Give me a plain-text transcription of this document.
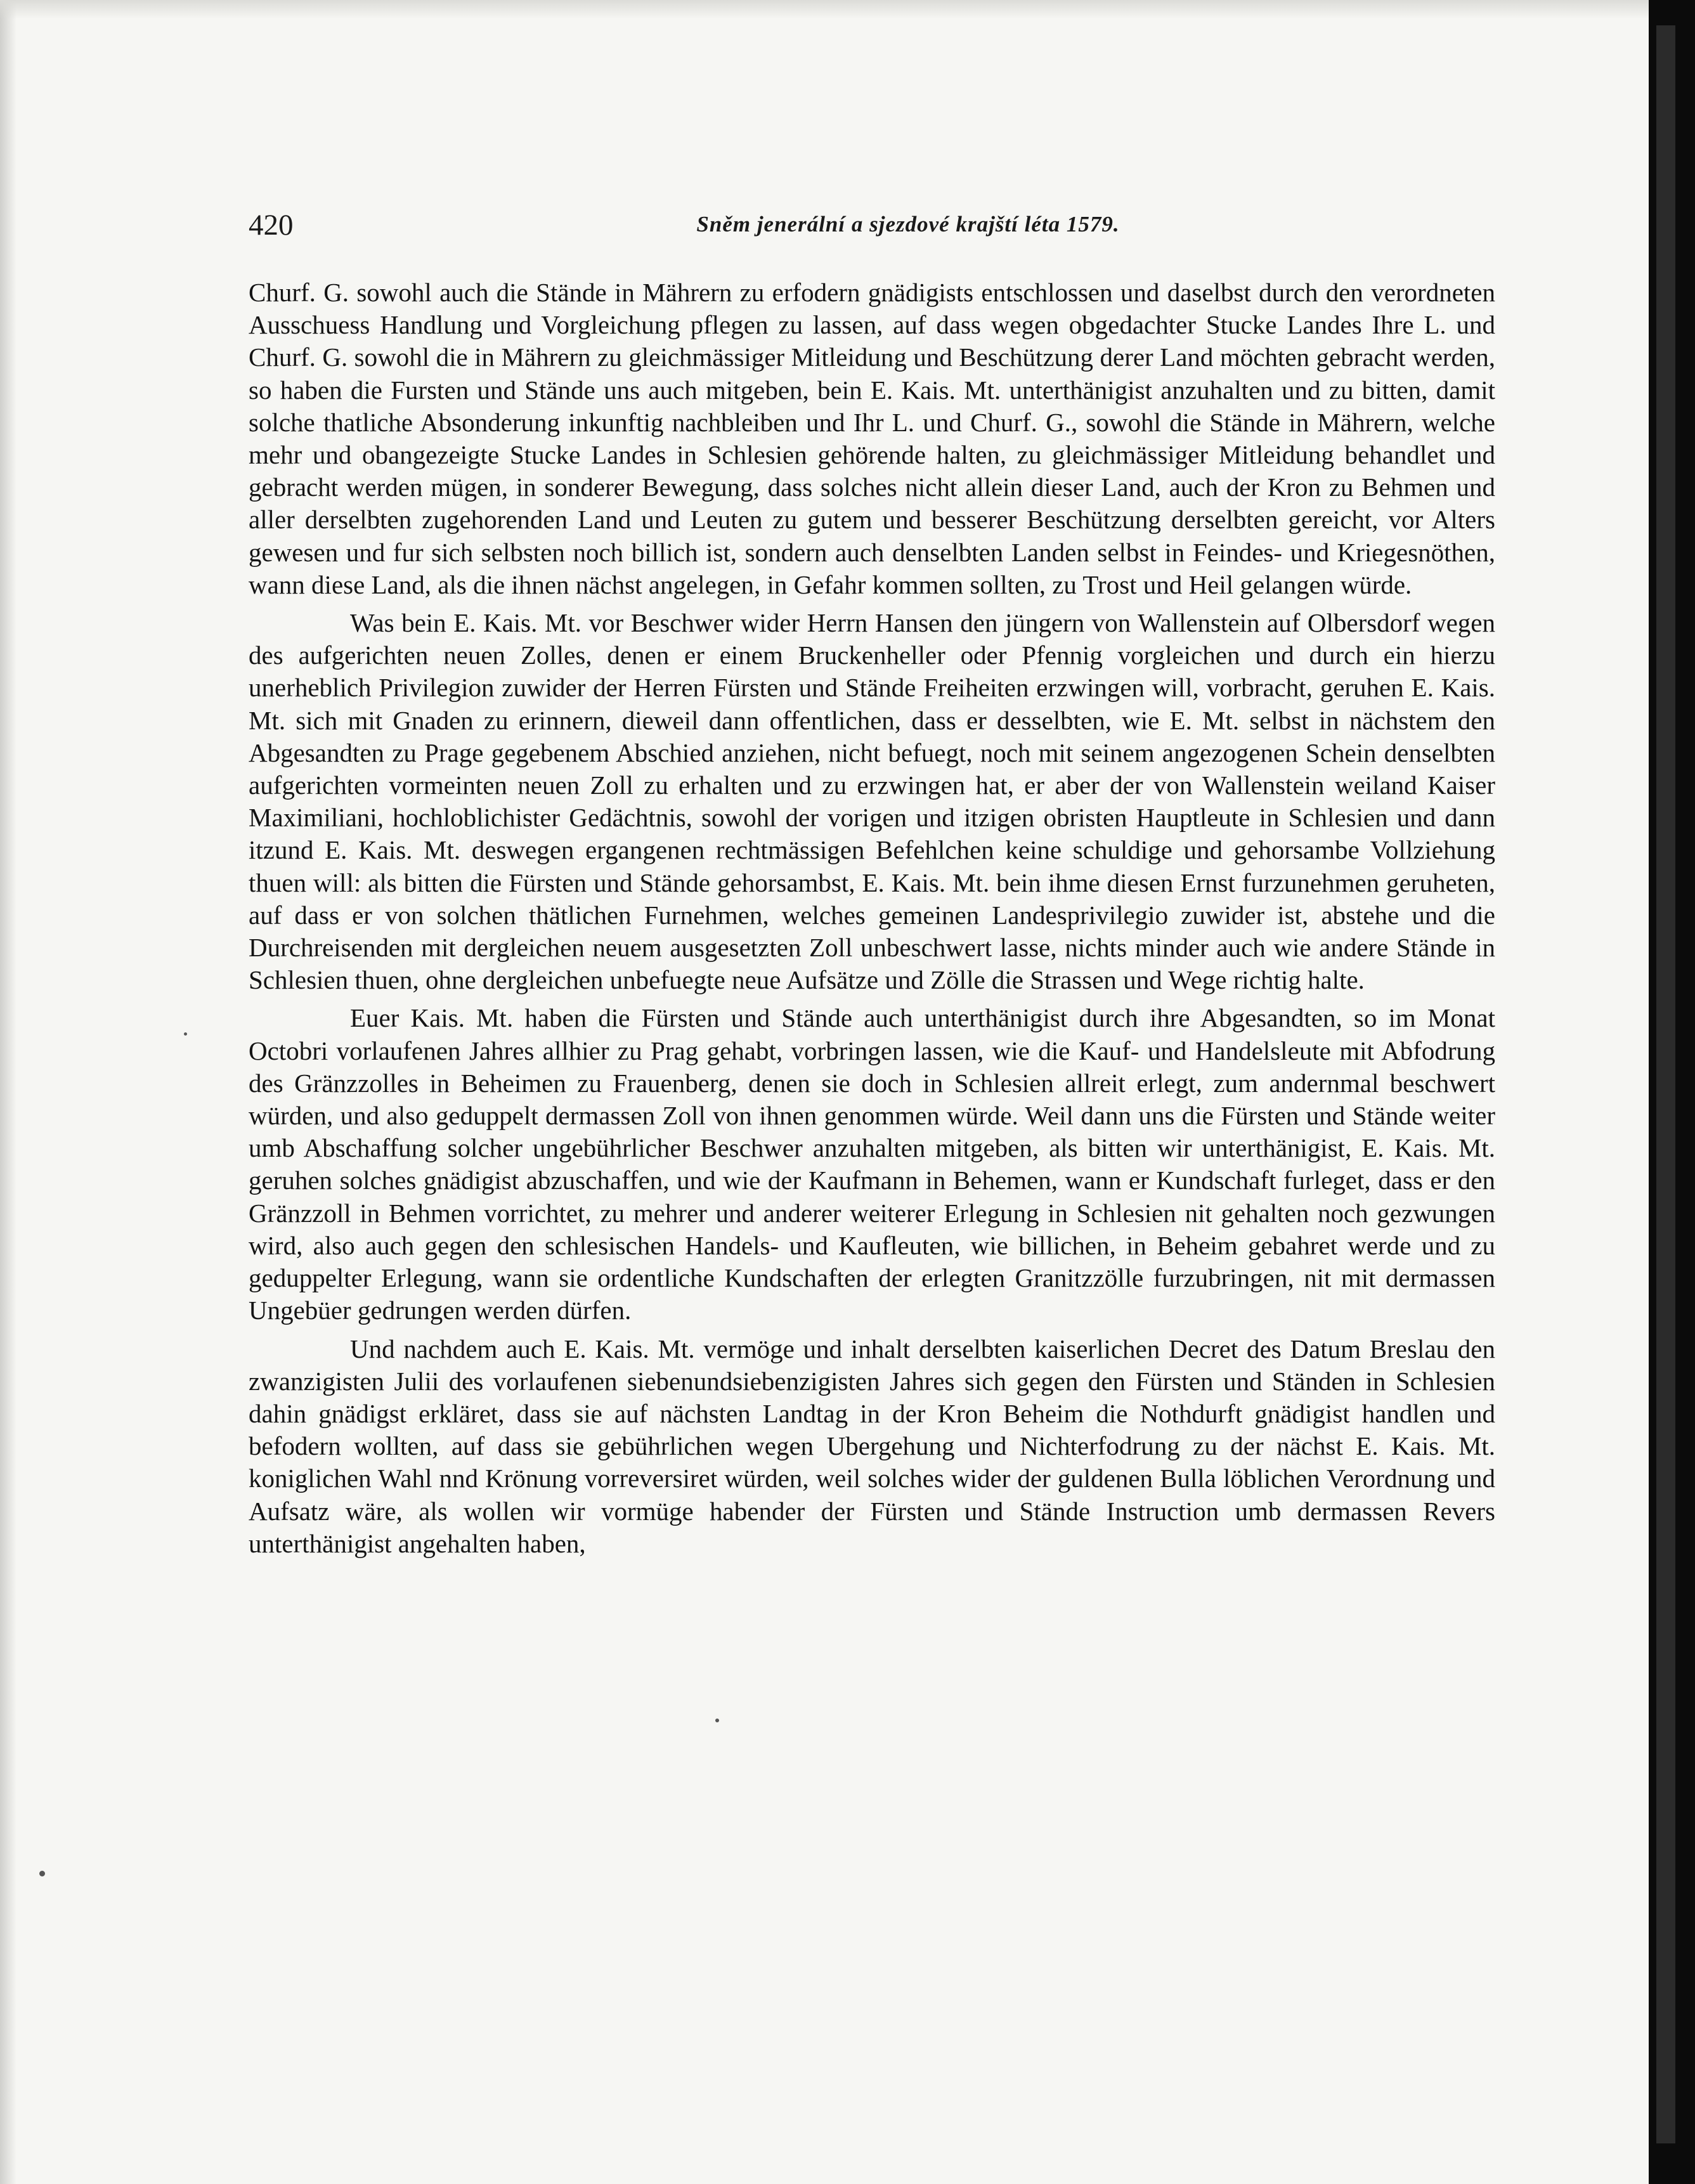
420	Sněm jenerální a sjezdové krajští léta 1579.

Churf. G. sowohl auch die Stände in Mährern zu erfodern gnädigists entschlossen und daselbst durch den verordneten Ausschuess Handlung und Vorgleichung pflegen zu lassen, auf dass wegen obgedachter Stucke Landes Ihre L. und Churf. G. sowohl die in Mährern zu gleichmässiger Mitleidung und Beschützung derer Land möchten gebracht werden, so haben die Fursten und Stände uns auch mitgeben, bein E. Kais. Mt. unterthänigist anzuhalten und zu bitten, damit solche thatliche Absonderung inkunftig nachbleiben und Ihr L. und Churf. G., sowohl die Stände in Mährern, welche mehr und obangezeigte Stucke Landes in Schlesien gehörende halten, zu gleichmässiger Mitleidung behandlet und gebracht werden mügen, in sonderer Bewegung, dass solches nicht allein dieser Land, auch der Kron zu Behmen und aller derselbten zugehorenden Land und Leuten zu gutem und besserer Beschützung derselbten gereicht, vor Alters gewesen und fur sich selbsten noch billich ist, sondern auch denselbten Landen selbst in Feindes- und Kriegesnöthen, wann diese Land, als die ihnen nächst angelegen, in Gefahr kommen sollten, zu Trost und Heil gelangen würde.

Was bein E. Kais. Mt. vor Beschwer wider Herrn Hansen den jüngern von Wallenstein auf Olbersdorf wegen des aufgerichten neuen Zolles, denen er einem Bruckenheller oder Pfennig vorgleichen und durch ein hierzu unerheblich Privilegion zuwider der Herren Fürsten und Stände Freiheiten erzwingen will, vorbracht, geruhen E. Kais. Mt. sich mit Gnaden zu erinnern, dieweil dann offentlichen, dass er desselbten, wie E. Mt. selbst in nächstem den Abgesandten zu Prage gegebenem Abschied anziehen, nicht befuegt, noch mit seinem angezogenen Schein denselbten aufgerichten vormeinten neuen Zoll zu erhalten und zu erzwingen hat, er aber der von Wallenstein weiland Kaiser Maximiliani, hochloblichister Gedächtnis, sowohl der vorigen und itzigen obristen Hauptleute in Schlesien und dann itzund E. Kais. Mt. deswegen ergangenen rechtmässigen Befehlchen keine schuldige und gehorsambe Vollziehung thuen will: als bitten die Fürsten und Stände gehorsambst, E. Kais. Mt. bein ihme diesen Ernst furzunehmen geruheten, auf dass er von solchen thätlichen Furnehmen, welches gemeinen Landesprivilegio zuwider ist, abstehe und die Durchreisenden mit dergleichen neuem ausgesetzten Zoll unbeschwert lasse, nichts minder auch wie andere Stände in Schlesien thuen, ohne dergleichen unbefuegte neue Aufsätze und Zölle die Strassen und Wege richtig halte.

Euer Kais. Mt. haben die Fürsten und Stände auch unterthänigist durch ihre Abgesandten, so im Monat Octobri vorlaufenen Jahres allhier zu Prag gehabt, vorbringen lassen, wie die Kauf- und Handelsleute mit Abfodrung des Gränzzolles in Beheimen zu Frauenberg, denen sie doch in Schlesien allreit erlegt, zum andernmal beschwert würden, und also geduppelt dermassen Zoll von ihnen genommen würde. Weil dann uns die Fürsten und Stände weiter umb Abschaffung solcher ungebührlicher Beschwer anzuhalten mitgeben, als bitten wir unterthänigist, E. Kais. Mt. geruhen solches gnädigist abzuschaffen, und wie der Kaufmann in Behemen, wann er Kundschaft furleget, dass er den Gränzzoll in Behmen vorrichtet, zu mehrer und anderer weiterer Erlegung in Schlesien nit gehalten noch gezwungen wird, also auch gegen den schlesischen Handels- und Kaufleuten, wie billichen, in Beheim gebahret werde und zu geduppelter Erlegung, wann sie ordentliche Kundschaften der erlegten Granitzzölle furzubringen, nit mit dermassen Ungebüer gedrungen werden dürfen.

Und nachdem auch E. Kais. Mt. vermöge und inhalt derselbten kaiserlichen Decret des Datum Breslau den zwanzigisten Julii des vorlaufenen siebenundsiebenzigisten Jahres sich gegen den Fürsten und Ständen in Schlesien dahin gnädigst erkläret, dass sie auf nächsten Landtag in der Kron Beheim die Nothdurft gnädigist handlen und befodern wollten, auf dass sie gebührlichen wegen Ubergehung und Nichterfodrung zu der nächst E. Kais. Mt. koniglichen Wahl nnd Krönung vorreversiret würden, weil solches wider der guldenen Bulla löblichen Verordnung und Aufsatz wäre, als wollen wir vormüge habender der Fürsten und Stände Instruction umb dermassen Revers unterthänigist angehalten haben,
